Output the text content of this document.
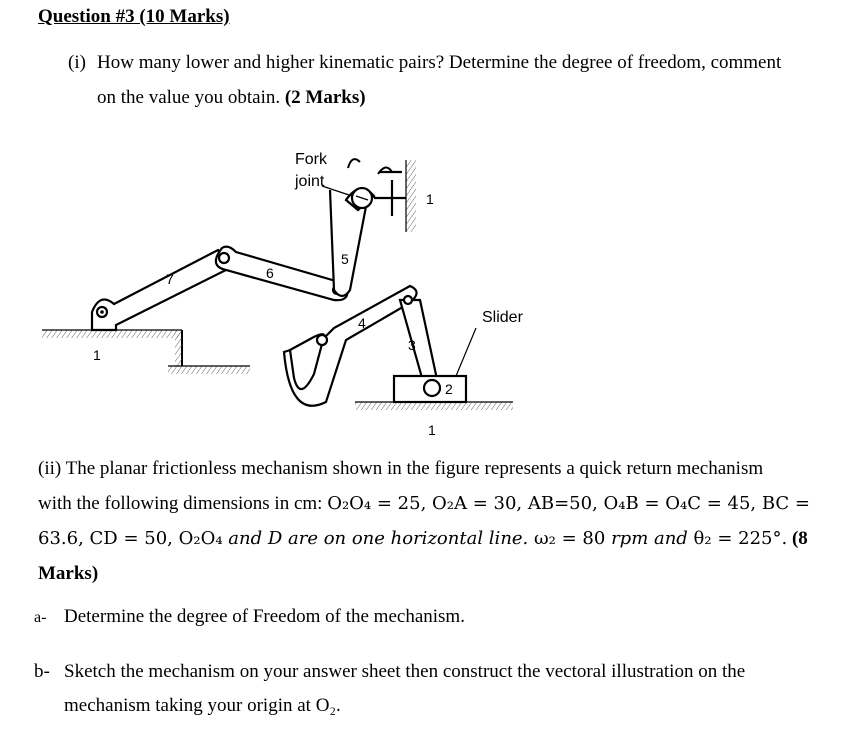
Question #3 (10 Marks)
(i) How many lower and higher kinematic pairs? Determine the degree of freedom, comment
on the value you obtain. (2 Marks)
Fork
joint
Slider
1
1
1
2
3
4
5
6
7
(ii) The planar frictionless mechanism shown in the figure represents a quick return mechanism
with the following dimensions in cm: O₂O₄ = 25, O₂A = 30, AB=50, O₄B = O₄C = 45, BC =
63.6, CD = 50, O₂O₄ and D are on one horizontal line. ω₂ = 80 rpm and θ₂ = 225°. (8
Marks)
a- Determine the degree of Freedom of the mechanism.
b- Sketch the mechanism on your answer sheet then construct the vectoral illustration on the
mechanism taking your origin at O₂.
